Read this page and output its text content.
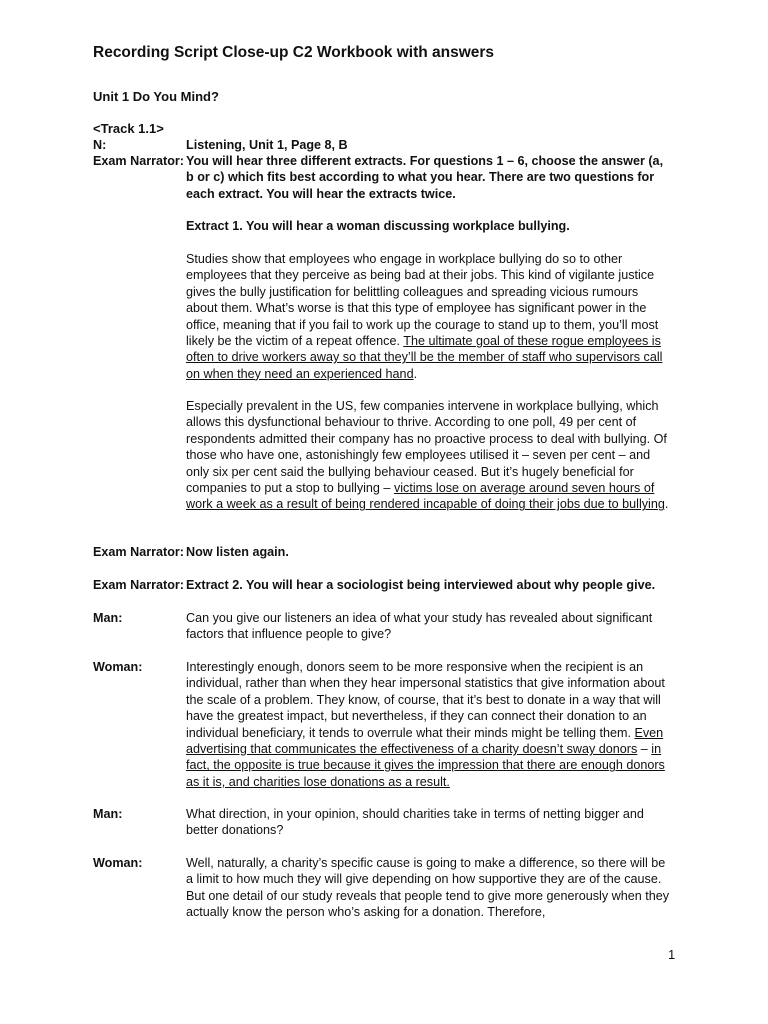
Recording Script Close-up C2 Workbook with answers
Unit 1 Do You Mind?
<Track 1.1>
N:	Listening, Unit 1, Page 8, B
Exam Narrator: You will hear three different extracts. For questions 1 – 6, choose the answer (a, b or c) which fits best according to what you hear. There are two questions for each extract. You will hear the extracts twice.
Extract 1. You will hear a woman discussing workplace bullying.
Studies show that employees who engage in workplace bullying do so to other employees that they perceive as being bad at their jobs. This kind of vigilante justice gives the bully justification for belittling colleagues and spreading vicious rumours about them. What’s worse is that this type of employee has significant power in the office, meaning that if you fail to work up the courage to stand up to them, you’ll most likely be the victim of a repeat offence. The ultimate goal of these rogue employees is often to drive workers away so that they’ll be the member of staff who supervisors call on when they need an experienced hand.
Especially prevalent in the US, few companies intervene in workplace bullying, which allows this dysfunctional behaviour to thrive. According to one poll, 49 per cent of respondents admitted their company has no proactive process to deal with bullying. Of those who have one, astonishingly few employees utilised it – seven per cent – and only six per cent said the bullying behaviour ceased. But it’s hugely beneficial for companies to put a stop to bullying – victims lose on average around seven hours of work a week as a result of being rendered incapable of doing their jobs due to bullying.
Exam Narrator: Now listen again.
Exam Narrator: Extract 2. You will hear a sociologist being interviewed about why people give.
Man:	Can you give our listeners an idea of what your study has revealed about significant factors that influence people to give?
Woman:	Interestingly enough, donors seem to be more responsive when the recipient is an individual, rather than when they hear impersonal statistics that give information about the scale of a problem. They know, of course, that it’s best to donate in a way that will have the greatest impact, but nevertheless, if they can connect their donation to an individual beneficiary, it tends to overrule what their minds might be telling them. Even advertising that communicates the effectiveness of a charity doesn’t sway donors – in fact, the opposite is true because it gives the impression that there are enough donors as it is, and charities lose donations as a result.
Man:	What direction, in your opinion, should charities take in terms of netting bigger and better donations?
Woman:	Well, naturally, a charity’s specific cause is going to make a difference, so there will be a limit to how much they will give depending on how supportive they are of the cause. But one detail of our study reveals that people tend to give more generously when they actually know the person who’s asking for a donation. Therefore,
1
